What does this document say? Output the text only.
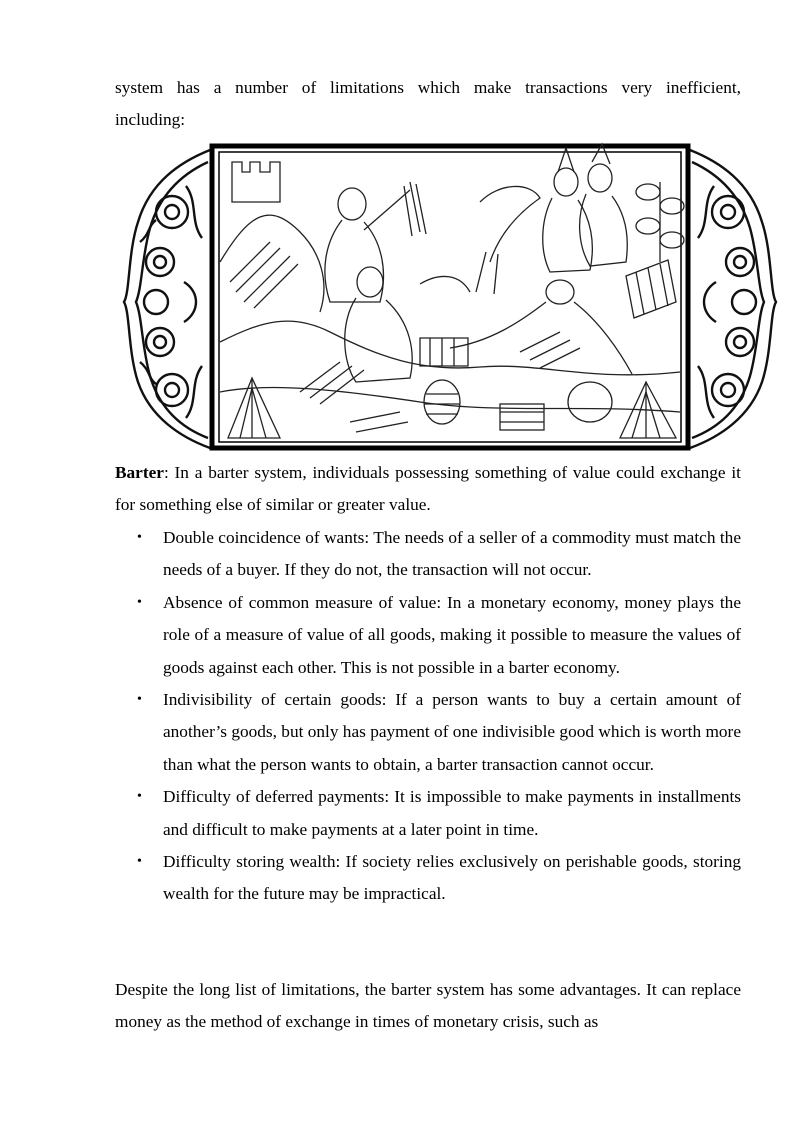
system has a number of limitations which make transactions very inefficient,

including:

Barter: In a barter system, individuals possessing something of value could exchange it for something else of similar or greater value.

• Double coincidence of wants: The needs of a seller of a commodity must match the needs of a buyer. If they do not, the transaction will not occur.
• Absence of common measure of value: In a monetary economy, money plays the role of a measure of value of all goods, making it possible to measure the values of goods against each other. This is not possible in a barter economy.
• Indivisibility of certain goods: If a person wants to buy a certain amount of another’s goods, but only has payment of one indivisible good which is worth more than what the person wants to obtain, a barter transaction cannot occur.
• Difficulty of deferred payments: It is impossible to make payments in installments and difficult to make payments at a later point in time.
• Difficulty storing wealth: If society relies exclusively on perishable goods, storing wealth for the future may be impractical.

Despite the long list of limitations, the barter system has some advantages. It can replace money as the method of exchange in times of monetary crisis, such as
